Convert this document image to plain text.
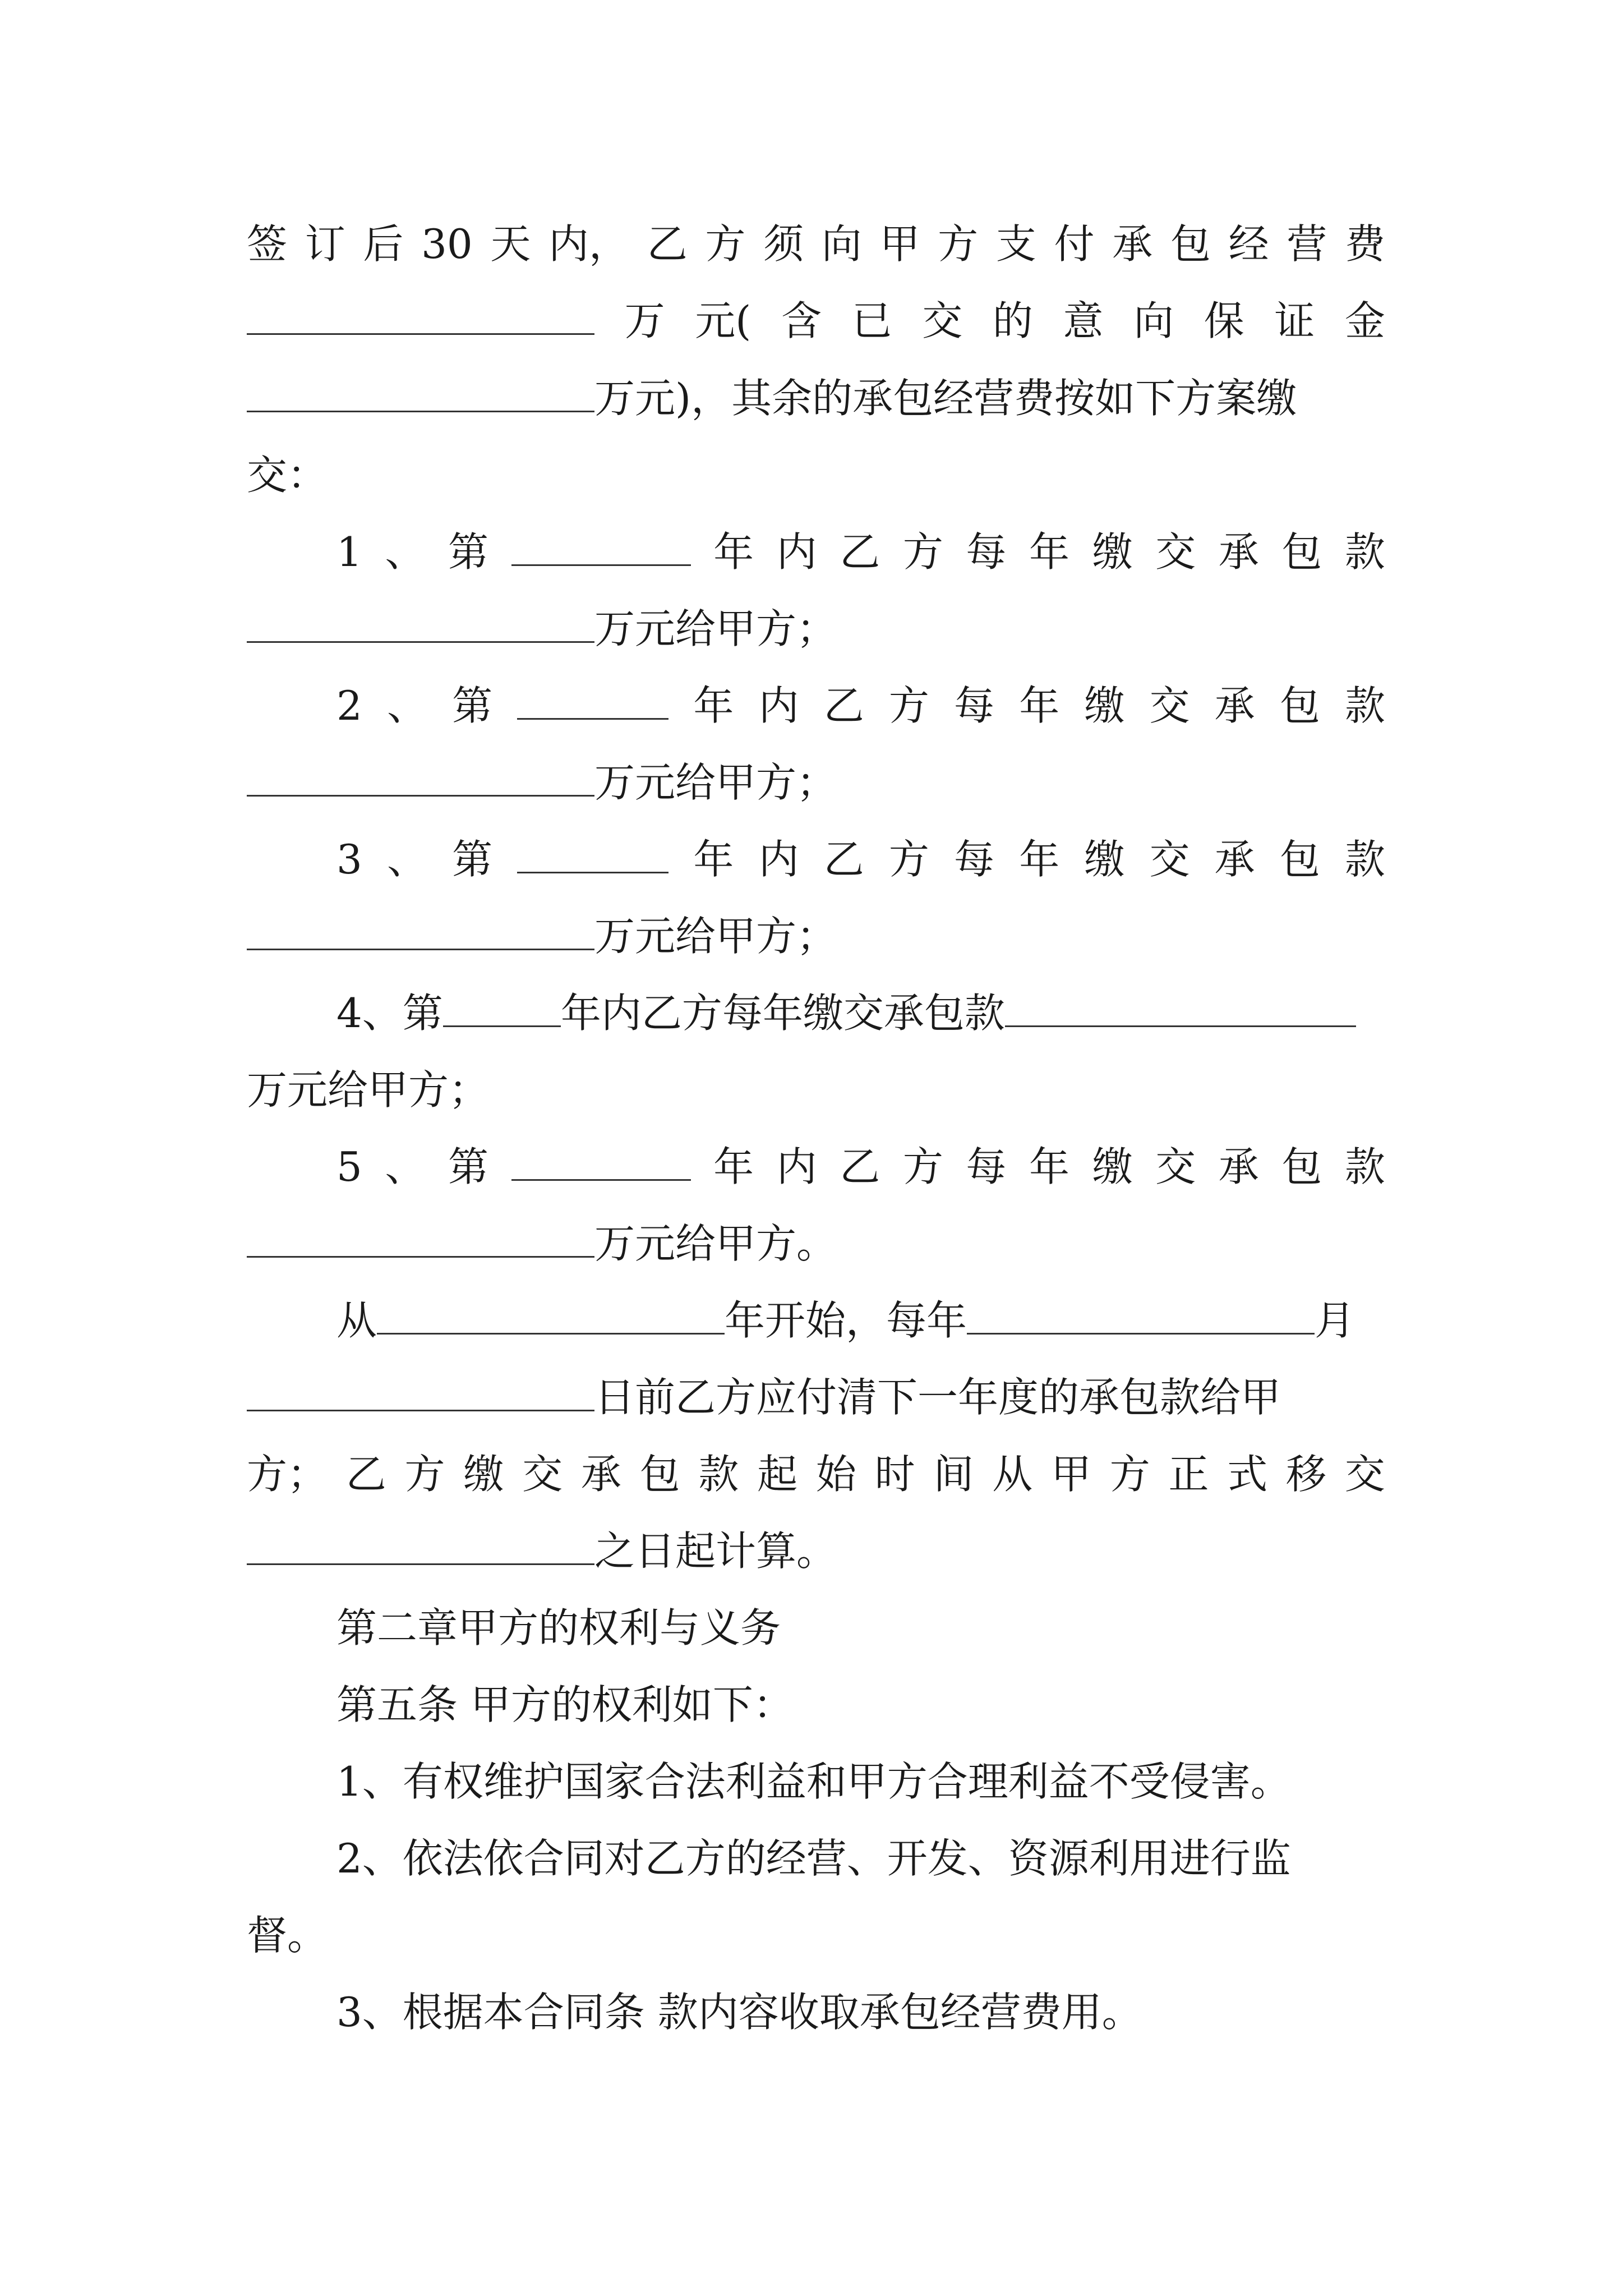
签 订 后 30 天 内， 乙 方 须 向 甲 方 支 付 承 包 经 营 费
万 元( 含 已 交 的 意 向 保 证 金
万元)，其余的承包经营费按如下方案缴
交：
1 、 第	年 内 乙 方 每 年 缴 交 承 包 款
万元给甲方；
2 、 第	年 内 乙 方 每 年 缴 交 承 包 款
万元给甲方；
3 、 第	年 内 乙 方 每 年 缴 交 承 包 款
万元给甲方；
4、第	年内乙方每年缴交承包款
万元给甲方；
5 、 第	年 内 乙 方 每 年 缴 交 承 包 款
万元给甲方。
从	年开始，每年	月
日前乙方应付清下一年度的承包款给甲
方； 乙 方 缴 交 承 包 款 起 始 时 间 从 甲 方 正 式 移 交
之日起计算。
第二章甲方的权利与义务
第五条 甲方的权利如下：
1、有权维护国家合法利益和甲方合理利益不受侵害。
2、依法依合同对乙方的经营、开发、资源利用进行监
督。
3、根据本合同条 款内容收取承包经营费用。
